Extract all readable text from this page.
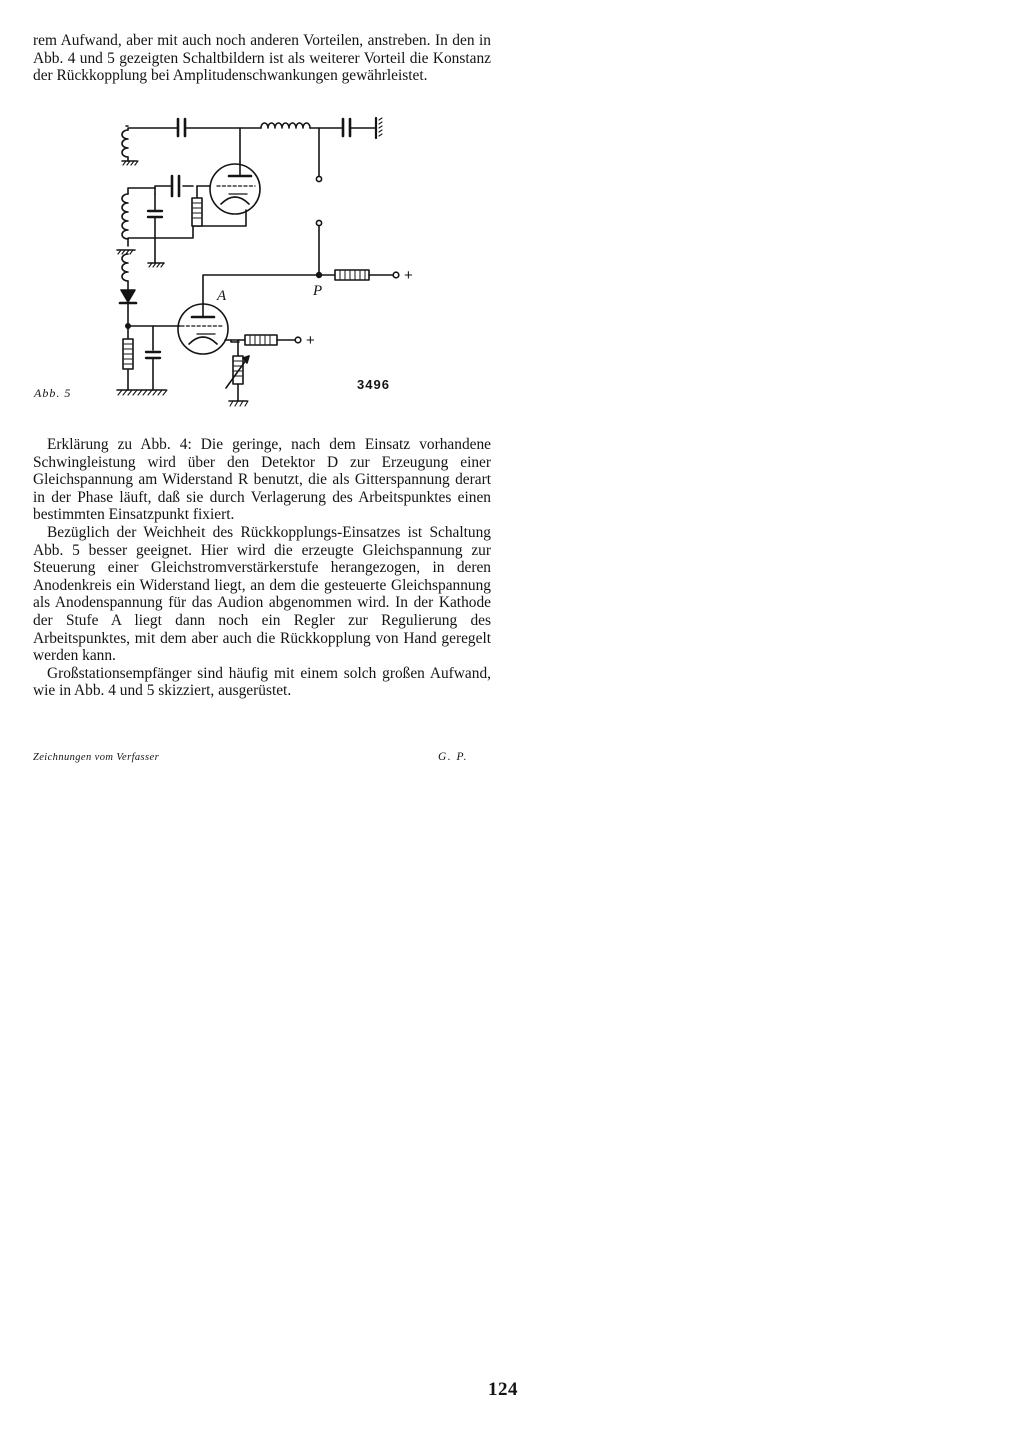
rem Aufwand, aber mit auch noch anderen Vorteilen, anstreben. In den in Abb. 4 und 5 gezeigten Schaltbildern ist als weiterer Vorteil die Konstanz der Rückkopplung bei Amplitudenschwankungen gewährleistet.

P
A
+
+
Abb. 5
3496

Erklärung zu Abb. 4: Die geringe, nach dem Einsatz vorhandene Schwingleistung wird über den Detektor D zur Erzeugung einer Gleichspannung am Widerstand R benutzt, die als Gitterspannung derart in der Phase läuft, daß sie durch Verlagerung des Arbeitspunktes einen bestimmten Einsatzpunkt fixiert.

Bezüglich der Weichheit des Rückkopplungs-Einsatzes ist Schaltung Abb. 5 besser geeignet. Hier wird die erzeugte Gleichspannung zur Steuerung einer Gleichstromverstärkerstufe herangezogen, in deren Anodenkreis ein Widerstand liegt, an dem die gesteuerte Gleichspannung als Anodenspannung für das Audion abgenommen wird. In der Kathode der Stufe A liegt dann noch ein Regler zur Regulierung des Arbeitspunktes, mit dem aber auch die Rückkopplung von Hand geregelt werden kann.

Großstationsempfänger sind häufig mit einem solch großen Aufwand, wie in Abb. 4 und 5 skizziert, ausgerüstet.

Zeichnungen vom Verfasser	G. P.
124
